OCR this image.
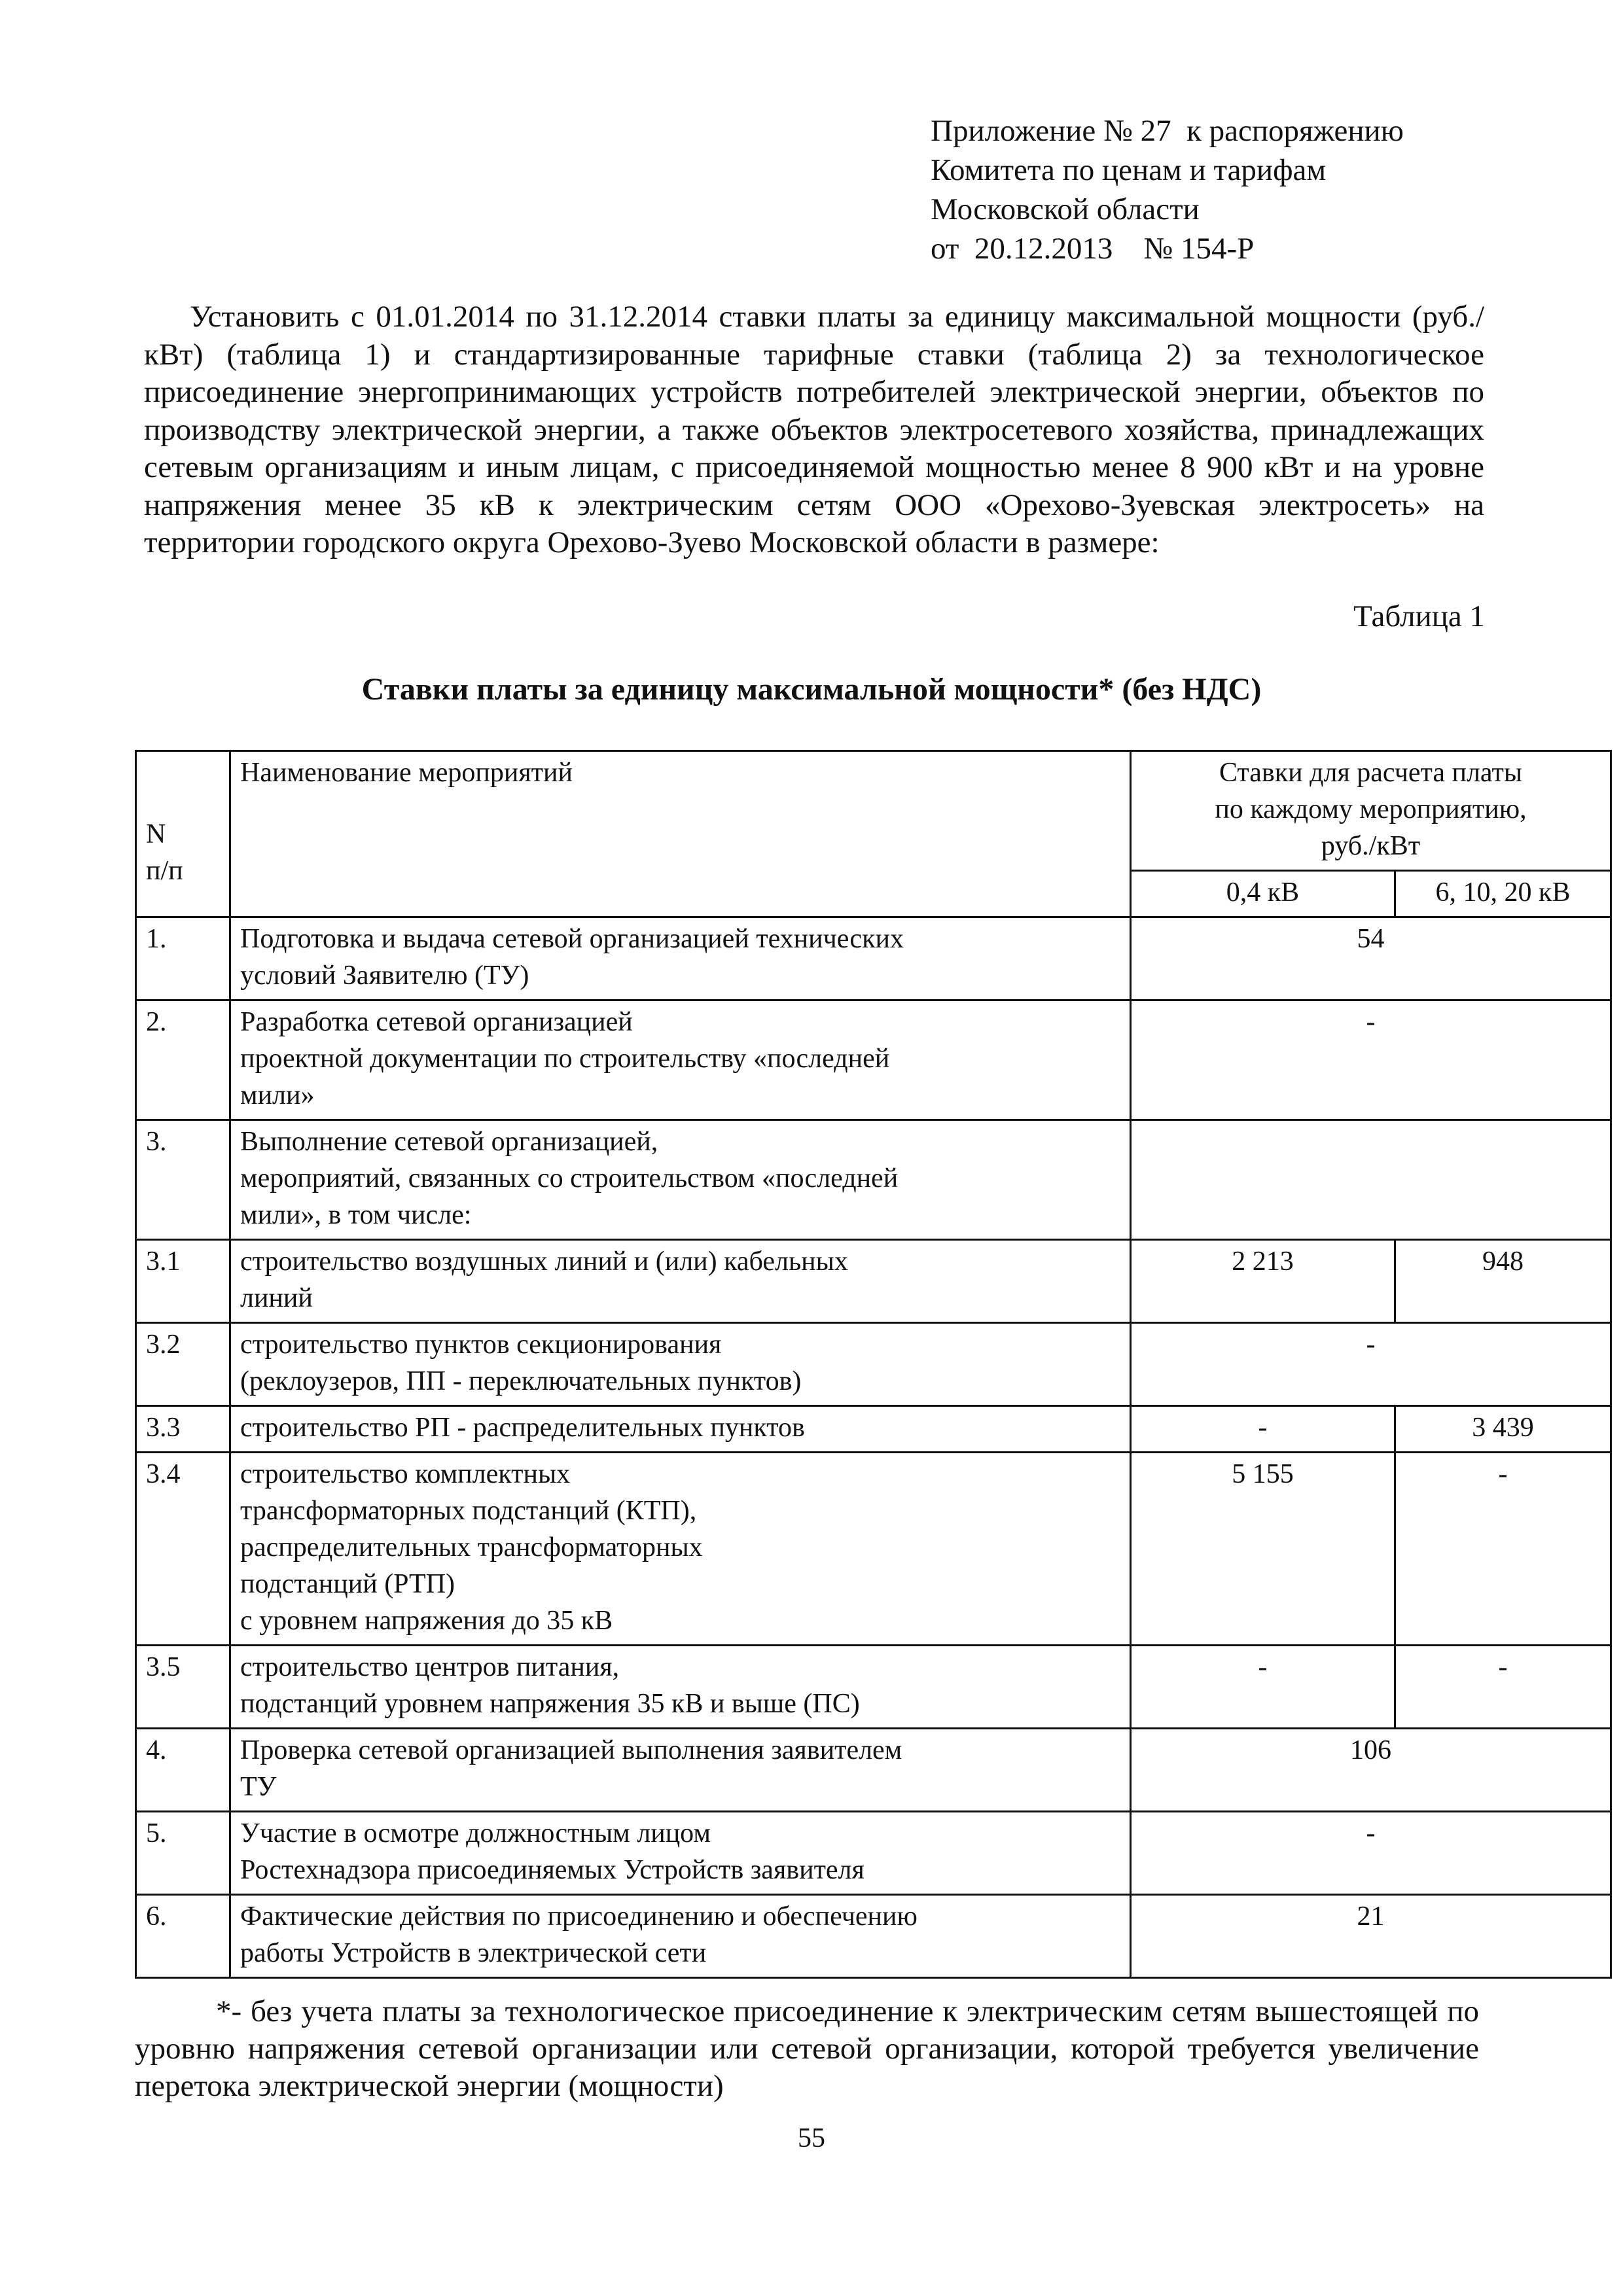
Приложение № 27  к распоряжению
Комитета по ценам и тарифам
Московской области
от  20.12.2013    № 154-Р

Установить с 01.01.2014 по 31.12.2014 ставки платы за единицу максимальной мощности (руб./кВт) (таблица 1) и стандартизированные тарифные ставки (таблица 2) за технологическое присоединение энергопринимающих устройств потребителей электрической энергии, объектов по производству электрической энергии, а также объектов электросетевого хозяйства, принадлежащих сетевым организациям и иным лицам, с присоединяемой мощностью менее 8 900 кВт и на уровне напряжения менее 35 кВ к электрическим сетям ООО «Орехово-Зуевская электросеть» на территории городского округа Орехово-Зуево Московской области в размере:

Таблица 1
Ставки платы за единицу максимальной мощности* (без НДС)
N
п/п	Наименование мероприятий	Ставки для расчета платы
по каждому мероприятию,
руб./кВт	
		0,4 кВ	6, 10, 20 кВ
1.	Подготовка и выдача сетевой организацией технических
условий Заявителю (ТУ)	54	
2.	Разработка сетевой организацией
проектной документации по строительству «последней
мили»	-	
3.	Выполнение сетевой организацией,
мероприятий, связанных со строительством «последней
мили», в том числе:		
3.1	строительство воздушных линий и (или) кабельных
линий	2 213	948
3.2	строительство пунктов секционирования
(реклоузеров, ПП - переключательных пунктов)	-	
3.3	строительство РП - распределительных пунктов	-	3 439
3.4	строительство комплектных
трансформаторных подстанций (КТП),
распределительных трансформаторных
подстанций (РТП)
с уровнем напряжения до 35 кВ	5 155	-
3.5	строительство центров питания,
подстанций уровнем напряжения 35 кВ и выше (ПС)	-	-
4.	Проверка сетевой организацией выполнения заявителем
ТУ	106	
5.	Участие в осмотре должностным лицом
Ростехнадзора присоединяемых Устройств заявителя	-	
6.	Фактические действия по присоединению и обеспечению
работы Устройств в электрической сети	21	

*- без учета платы за технологическое присоединение к электрическим сетям вышестоящей по уровню напряжения сетевой организации или сетевой организации, которой требуется увеличение перетока электрической энергии (мощности)

55
